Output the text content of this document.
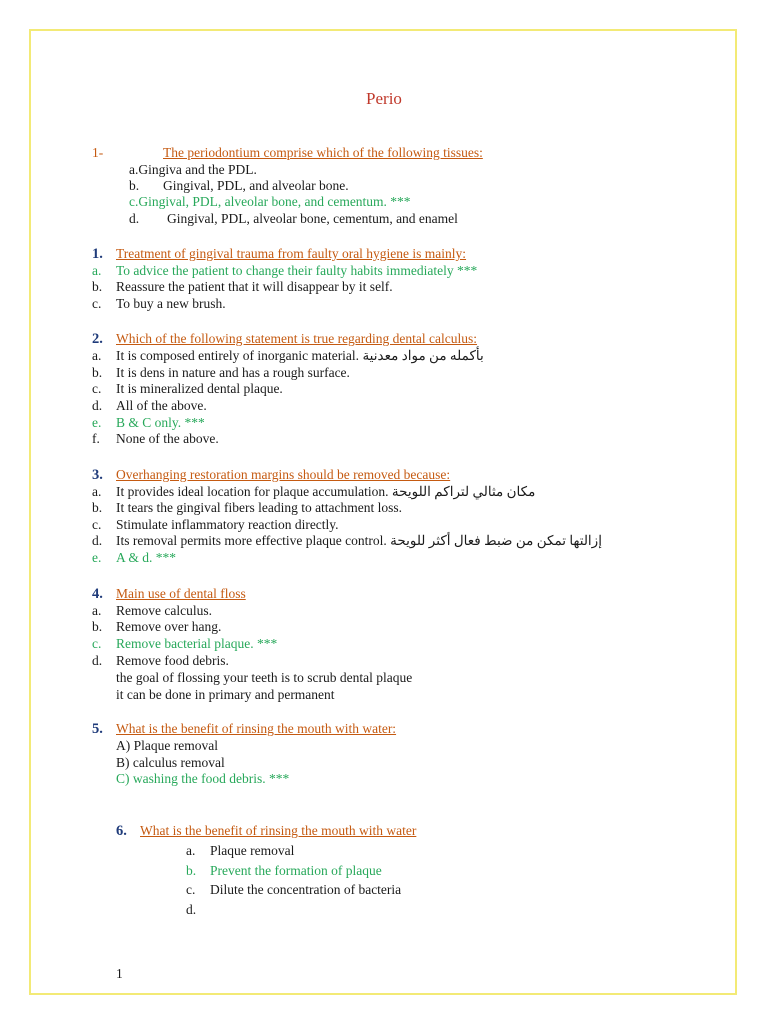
Perio
1-	The periodontium comprise which of the following tissues:
a.Gingiva and the PDL.
b. Gingival, PDL, and alveolar bone.
c.Gingival, PDL, alveolar bone, and cementum. ***
d. Gingival, PDL, alveolar bone, cementum, and enamel
1. Treatment of gingival trauma from faulty oral hygiene is mainly:
a. To advice the patient to change their faulty habits immediately ***
b. Reassure the patient that it will disappear by it self.
c. To buy a new brush.
2. Which of the following statement is true regarding dental calculus:
a. It is composed entirely of inorganic material. بأكمله من مواد معدنية
b. It is dens in nature and has a rough surface.
c. It is mineralized dental plaque.
d. All of the above.
e. B & C only. ***
f. None of the above.
3. Overhanging restoration margins should be removed because:
a. It provides ideal location for plaque accumulation. مكان مثالي لتراكم اللويحة
b. It tears the gingival fibers leading to attachment loss.
c. Stimulate inflammatory reaction directly.
d. Its removal permits more effective plaque control. إزالتها تمكن من ضبط فعال أكثر للويحة
e. A & d. ***
4. Main use of dental floss
a. Remove calculus.
b. Remove over hang.
c. Remove bacterial plaque. ***
d. Remove food debris.
the goal of flossing your teeth is to scrub dental plaque
it can be done in primary and permanent
5. What is the benefit of rinsing the mouth with water:
A) Plaque removal
B) calculus removal
C) washing the food debris. ***
6. What is the benefit of rinsing the mouth with water
a. Plaque removal
b. Prevent the formation of plaque
c. Dilute the concentration of bacteria
d.
1
